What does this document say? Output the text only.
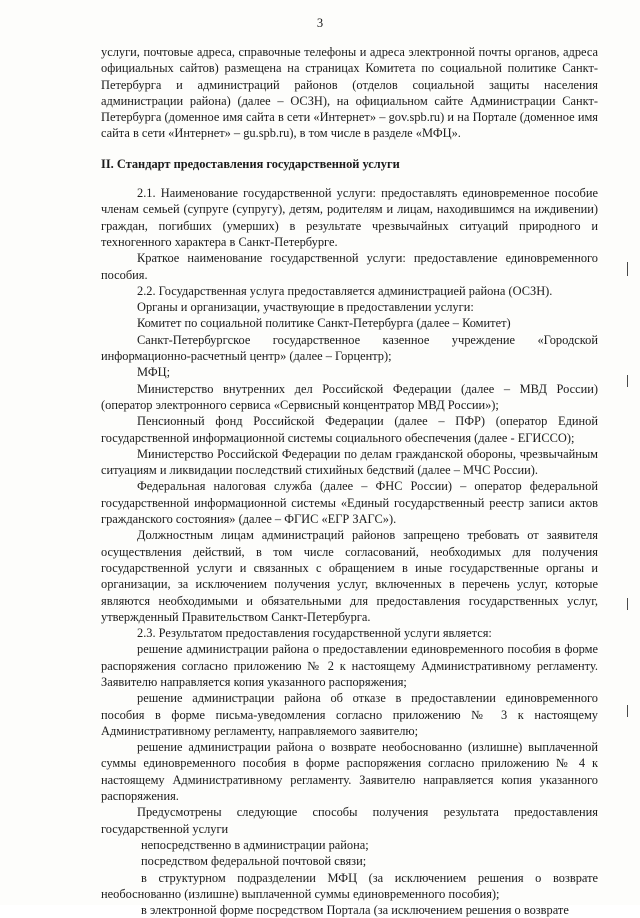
3

услуги, почтовые адреса, справочные телефоны и адреса электронной почты органов, адреса официальных сайтов) размещена на страницах Комитета по социальной политике Санкт-Петербурга и администраций районов (отделов социальной защиты населения администрации района) (далее – ОСЗН), на официальном сайте Администрации Санкт-Петербурга (доменное имя сайта в сети «Интернет» – gov.spb.ru) и на Портале (доменное имя сайта в сети «Интернет» – gu.spb.ru), в том числе в разделе «МФЦ».

II. Стандарт предоставления государственной услуги

2.1. Наименование государственной услуги: предоставлять единовременное пособие членам семьей (супруге (супругу), детям, родителям и лицам, находившимся на иждивении) граждан, погибших (умерших) в результате чрезвычайных ситуаций природного и техногенного характера в Санкт-Петербурге.

Краткое наименование государственной услуги: предоставление единовременного пособия.

2.2. Государственная услуга предоставляется администрацией района (ОСЗН).

Органы и организации, участвующие в предоставлении услуги:

Комитет по социальной политике Санкт-Петербурга (далее – Комитет)

Санкт-Петербургское государственное казенное учреждение «Городской информационно-расчетный центр» (далее – Горцентр);

МФЦ;

Министерство внутренних дел Российской Федерации (далее – МВД России) (оператор электронного сервиса «Сервисный концентратор МВД России»);

Пенсионный фонд Российской Федерации (далее – ПФР) (оператор Единой государственной информационной системы социального обеспечения (далее - ЕГИССО);

Министерство Российской Федерации по делам гражданской обороны, чрезвычайным ситуациям и ликвидации последствий стихийных бедствий (далее – МЧС России).

Федеральная налоговая служба (далее – ФНС России) – оператор федеральной государственной информационной системы «Единый государственный реестр записи актов гражданского состояния» (далее – ФГИС «ЕГР ЗАГС»).

Должностным лицам администраций районов запрещено требовать от заявителя осуществления действий, в том числе согласований, необходимых для получения государственной услуги и связанных с обращением в иные государственные органы и организации, за исключением получения услуг, включенных в перечень услуг, которые являются необходимыми и обязательными для предоставления государственных услуг, утвержденный Правительством Санкт-Петербурга.

2.3. Результатом предоставления государственной услуги является:

решение администрации района о предоставлении единовременного пособия в форме распоряжения согласно приложению № 2 к настоящему Административному регламенту. Заявителю направляется копия указанного распоряжения;

решение администрации района об отказе в предоставлении единовременного пособия в форме письма-уведомления согласно приложению № 3 к настоящему Административному регламенту, направляемого заявителю;

решение администрации района о возврате необоснованно (излишне) выплаченной суммы единовременного пособия в форме распоряжения согласно приложению № 4 к настоящему Административному регламенту. Заявителю направляется копия указанного распоряжения.

Предусмотрены следующие способы получения результата предоставления государственной услуги

непосредственно в администрации района;

посредством федеральной почтовой связи;

в структурном подразделении МФЦ (за исключением решения о возврате необоснованно (излишне) выплаченной суммы единовременного пособия);

в электронной форме посредством Портала (за исключением решения о возврате
